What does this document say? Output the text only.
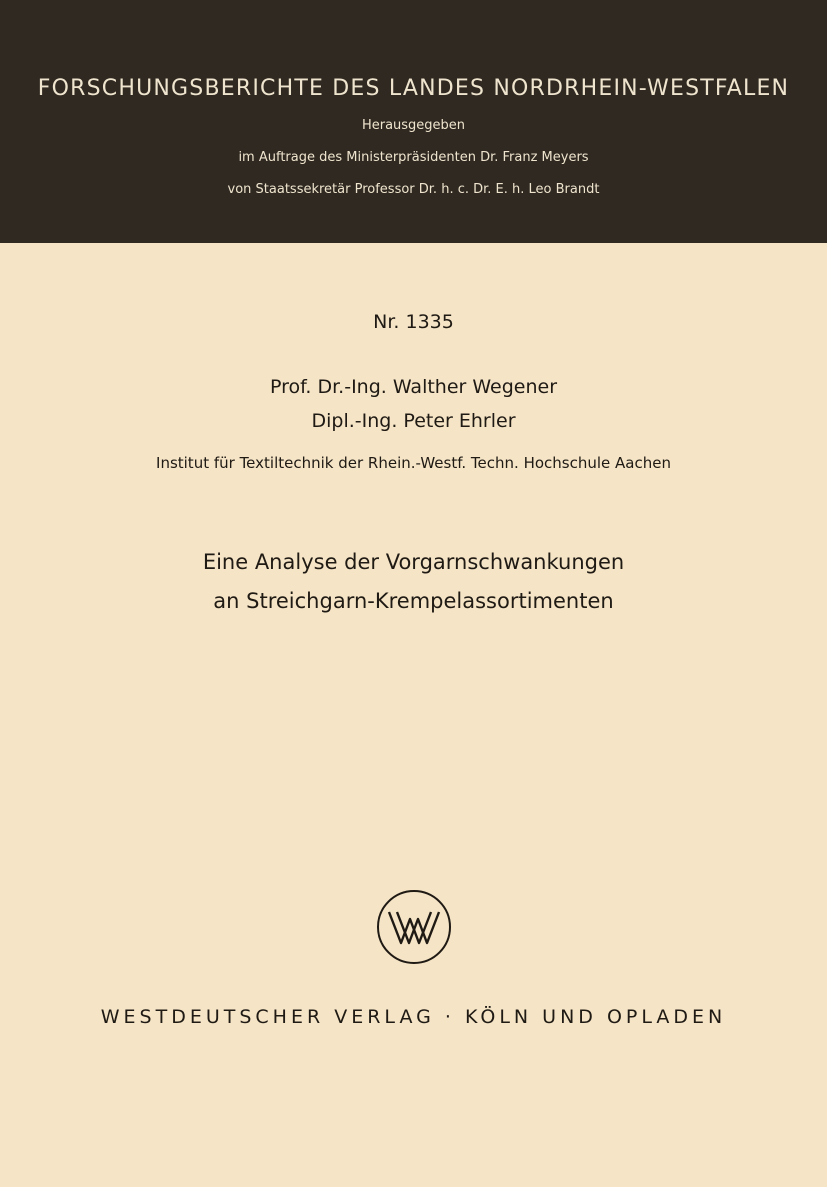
FORSCHUNGSBERICHTE DES LANDES NORDRHEIN-WESTFALEN
Herausgegeben
im Auftrage des Ministerpräsidenten Dr. Franz Meyers
von Staatssekretär Professor Dr. h. c. Dr. E. h. Leo Brandt
Nr. 1335
Prof. Dr.-Ing. Walther Wegener
Dipl.-Ing. Peter Ehrler
Institut für Textiltechnik der Rhein.-Westf. Techn. Hochschule Aachen
Eine Analyse der Vorgarnschwankungen
an Streichgarn-Krempelassortimenten
WESTDEUTSCHER VERLAG · KÖLN UND OPLADEN
